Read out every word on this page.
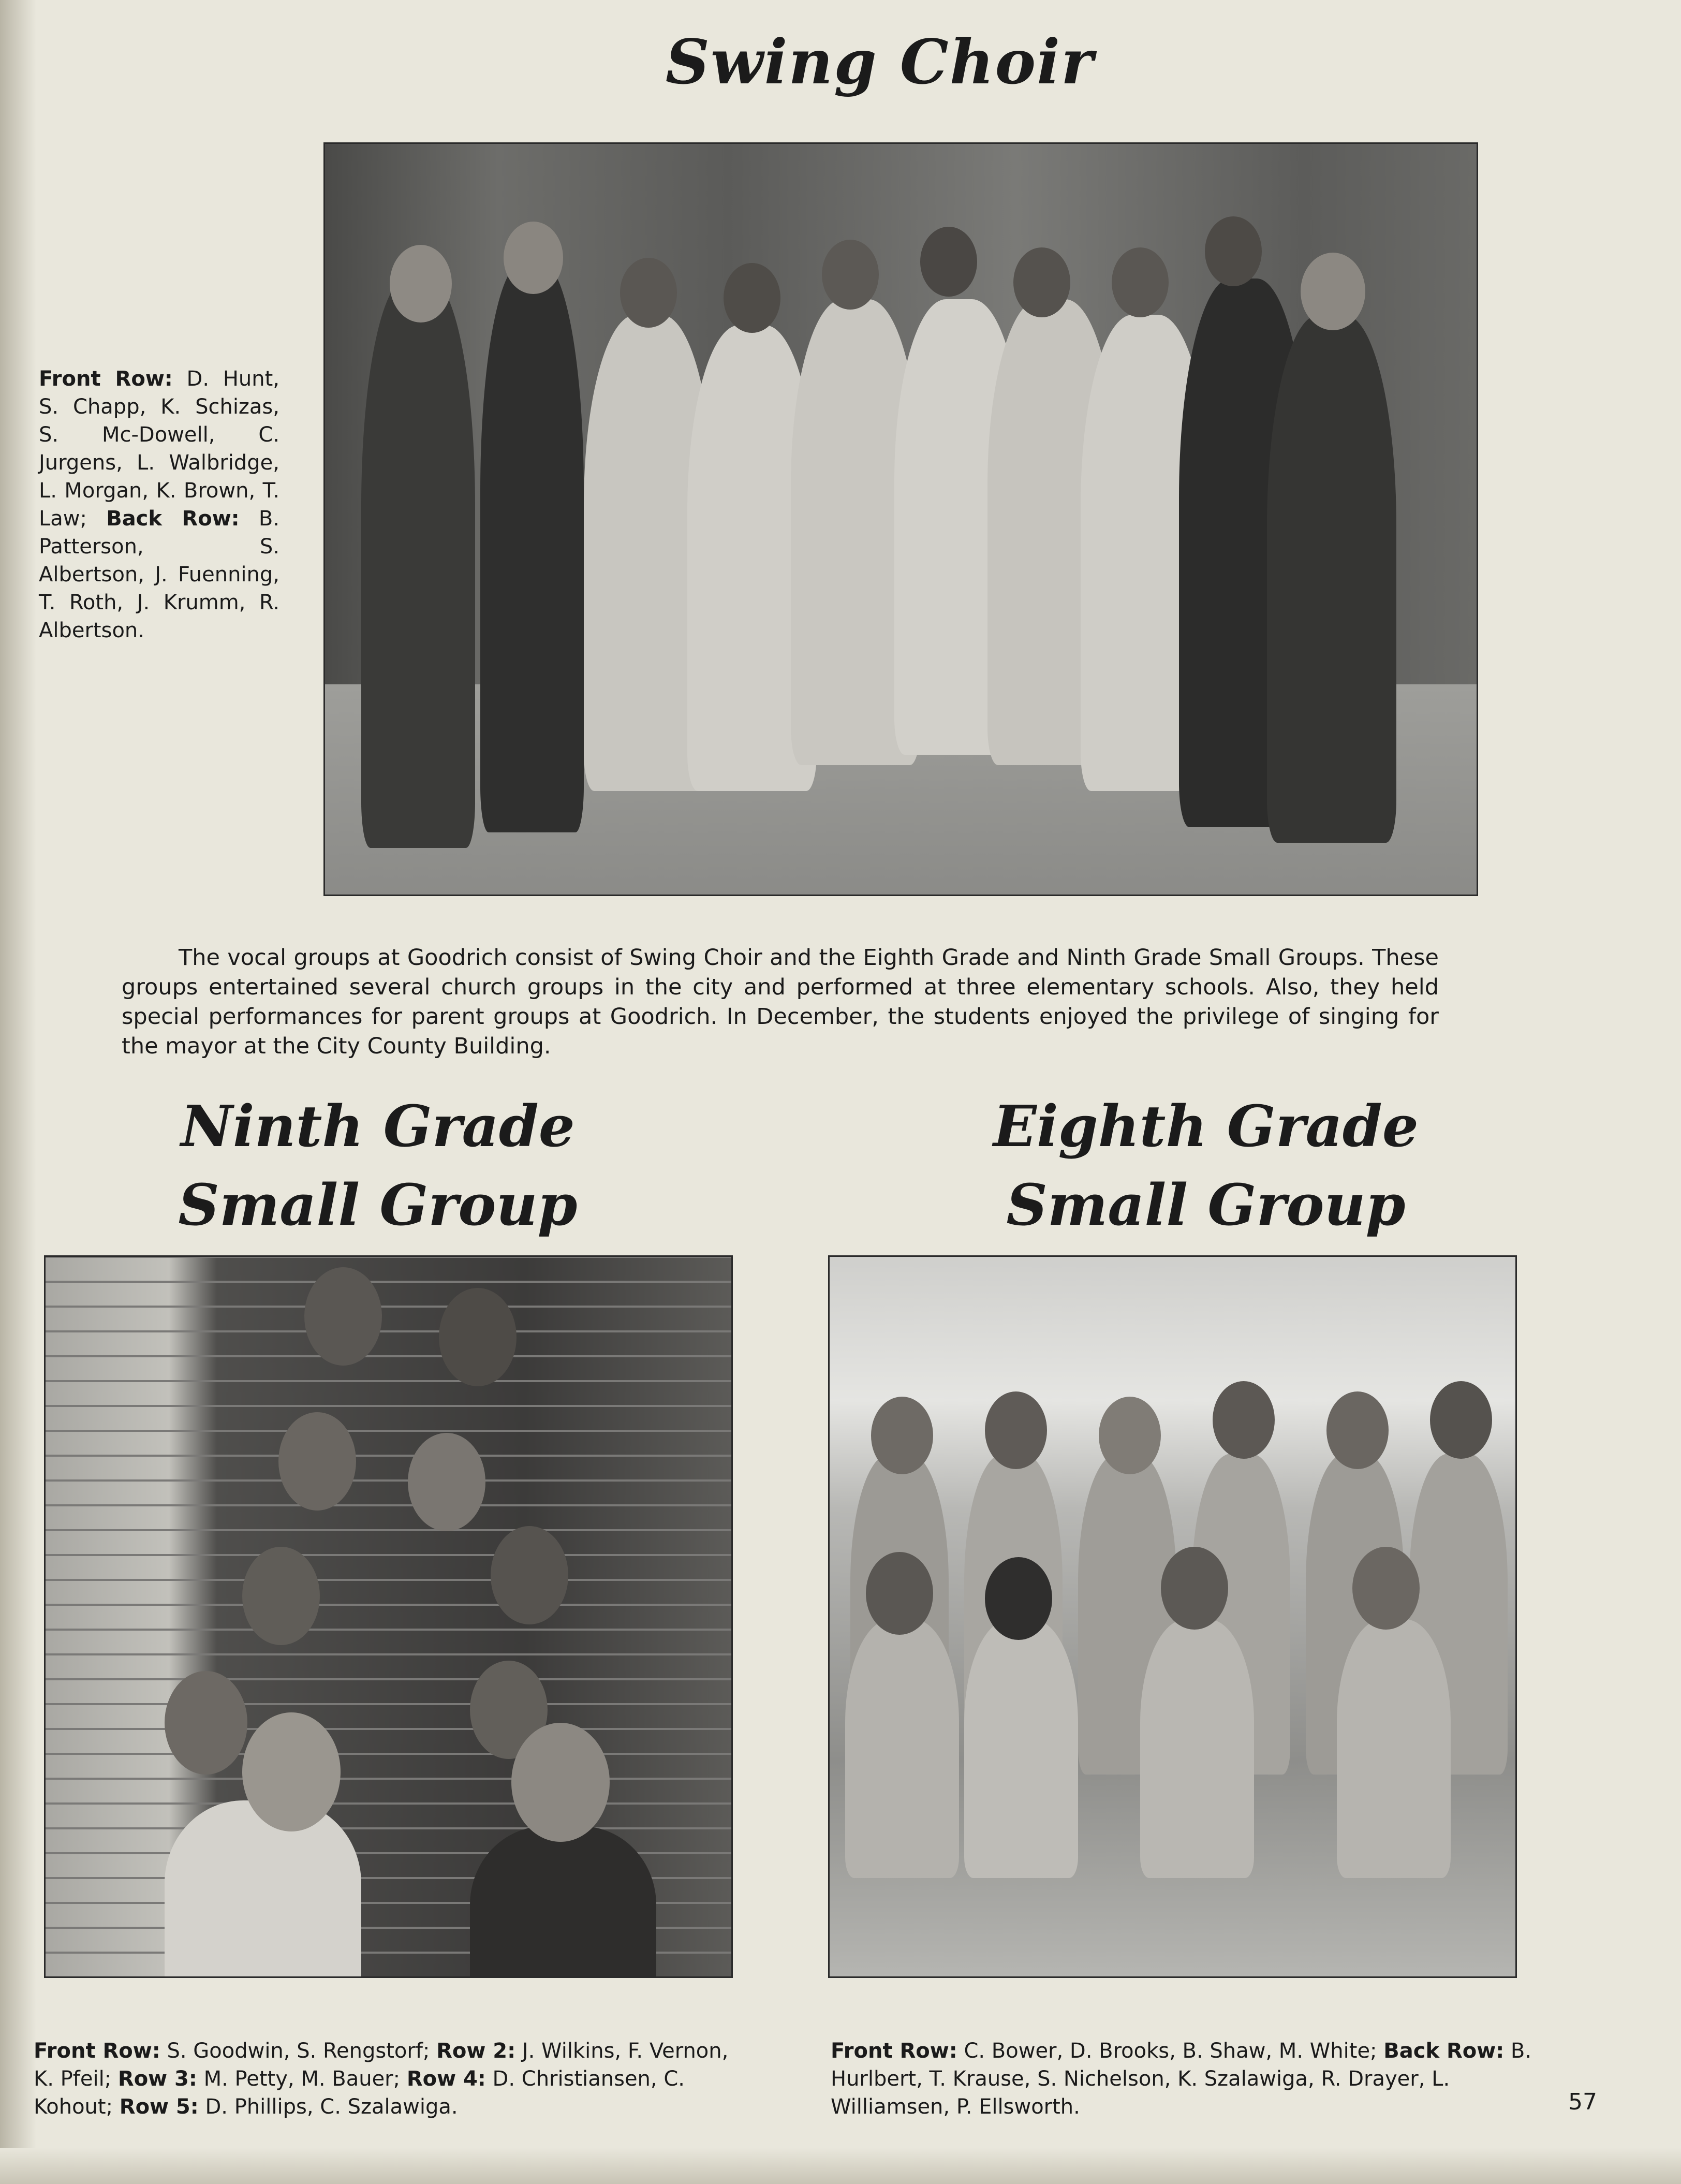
Swing Choir
Front Row: D. Hunt, S. Chapp, K. Schizas, S. Mc-Dowell, C. Jurgens, L. Walbridge, L. Morgan, K. Brown, T. Law; Back Row: B. Patterson, S. Albertson, J. Fuenning, T. Roth, J. Krumm, R. Albertson.
The vocal groups at Goodrich consist of Swing Choir and the Eighth Grade and Ninth Grade Small Groups. These groups entertained several church groups in the city and performed at three elementary schools. Also, they held special performances for parent groups at Goodrich. In December, the students enjoyed the privilege of singing for the mayor at the City County Building.
Ninth Grade
Small Group
Eighth Grade
Small Group
Front Row: S. Goodwin, S. Rengstorf; Row 2: J. Wilkins, F. Vernon, K. Pfeil; Row 3: M. Petty, M. Bauer; Row 4: D. Christiansen, C. Kohout; Row 5: D. Phillips, C. Szalawiga.
Front Row: C. Bower, D. Brooks, B. Shaw, M. White; Back Row: B. Hurlbert, T. Krause, S. Nichelson, K. Szalawiga, R. Drayer, L. Williamsen, P. Ellsworth.	57
